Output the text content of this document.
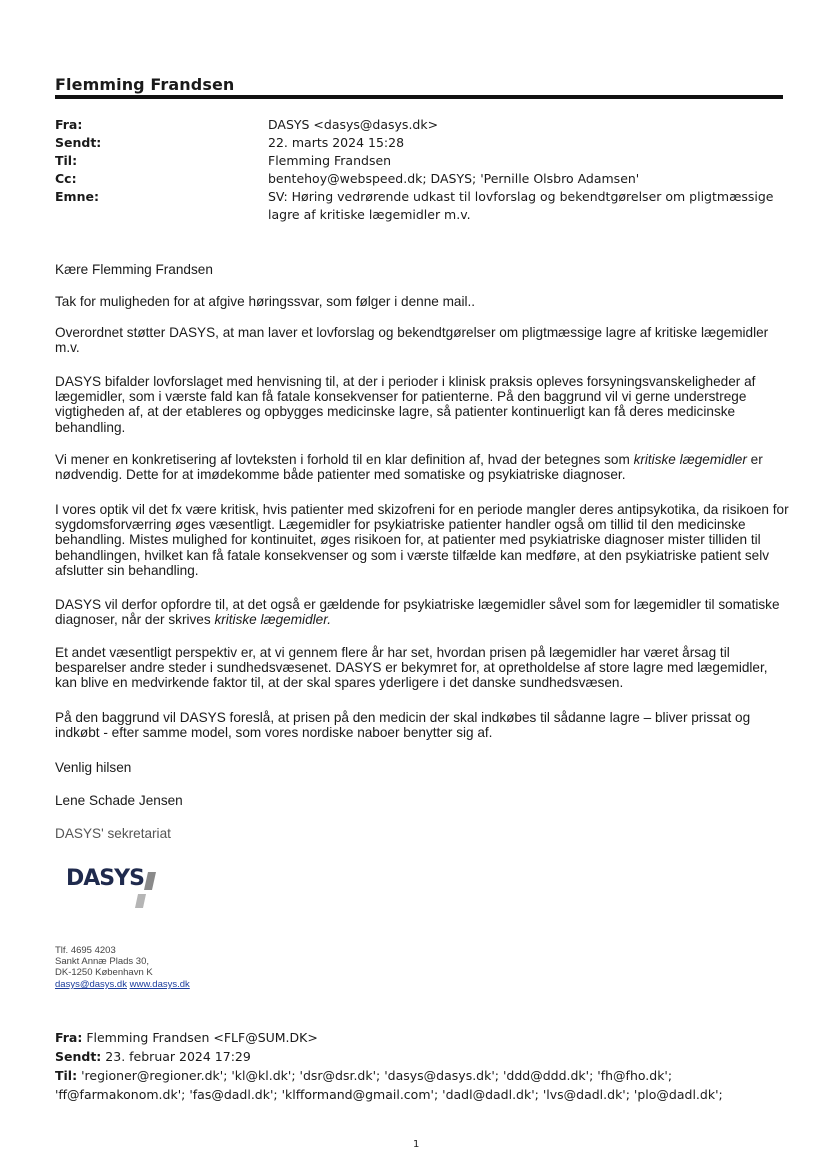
Flemming Frandsen
Fra:	DASYS <dasys@dasys.dk>
Sendt:	22. marts 2024 15:28
Til:	Flemming Frandsen
Cc:	bentehoy@webspeed.dk; DASYS; 'Pernille Olsbro Adamsen'
Emne:	SV: Høring vedrørende udkast til lovforslag og bekendtgørelser om pligtmæssige lagre af kritiske lægemidler m.v.
Kære Flemming Frandsen
Tak for muligheden for at afgive høringssvar, som følger i denne mail..
Overordnet støtter DASYS, at man laver et lovforslag og bekendtgørelser om pligtmæssige lagre af kritiske lægemidler m.v.
DASYS bifalder lovforslaget med henvisning til, at der i perioder i klinisk praksis opleves forsyningsvanskeligheder af lægemidler, som i værste fald kan få fatale konsekvenser for patienterne. På den baggrund vil vi gerne understrege vigtigheden af, at der etableres og opbygges medicinske lagre, så patienter kontinuerligt kan få deres medicinske behandling.
Vi mener en konkretisering af lovteksten i forhold til en klar definition af, hvad der betegnes som kritiske lægemidler er nødvendig. Dette for at imødekomme både patienter med somatiske og psykiatriske diagnoser.
I vores optik vil det fx være kritisk, hvis patienter med skizofreni for en periode mangler deres antipsykotika, da risikoen for sygdomsforværring øges væsentligt. Lægemidler for psykiatriske patienter handler også om tillid til den medicinske behandling. Mistes mulighed for kontinuitet, øges risikoen for, at patienter med psykiatriske diagnoser mister tilliden til behandlingen, hvilket kan få fatale konsekvenser og som i værste tilfælde kan medføre, at den psykiatriske patient selv afslutter sin behandling.
DASYS vil derfor opfordre til, at det også er gældende for psykiatriske lægemidler såvel som for lægemidler til somatiske diagnoser, når der skrives kritiske lægemidler.
Et andet væsentligt perspektiv er, at vi gennem flere år har set, hvordan prisen på lægemidler har været årsag til besparelser andre steder i sundhedsvæsenet. DASYS er bekymret for, at opretholdelse af store lagre med lægemidler, kan blive en medvirkende faktor til, at der skal spares yderligere i det danske sundhedsvæsen.
På den baggrund vil DASYS foreslå, at prisen på den medicin der skal indkøbes til sådanne lagre – bliver prissat og indkøbt - efter samme model, som vores nordiske naboer benytter sig af.
Venlig hilsen
Lene Schade Jensen
DASYS' sekretariat
DASYS
Tlf. 4695 4203
Sankt Annæ Plads 30,
DK-1250 København K
dasys@dasys.dk www.dasys.dk
Fra: Flemming Frandsen <FLF@SUM.DK>
Sendt: 23. februar 2024 17:29
Til: 'regioner@regioner.dk'; 'kl@kl.dk'; 'dsr@dsr.dk'; 'dasys@dasys.dk'; 'ddd@ddd.dk'; 'fh@fho.dk';
'ff@farmakonom.dk'; 'fas@dadl.dk'; 'klfformand@gmail.com'; 'dadl@dadl.dk'; 'lvs@dadl.dk'; 'plo@dadl.dk';
1
